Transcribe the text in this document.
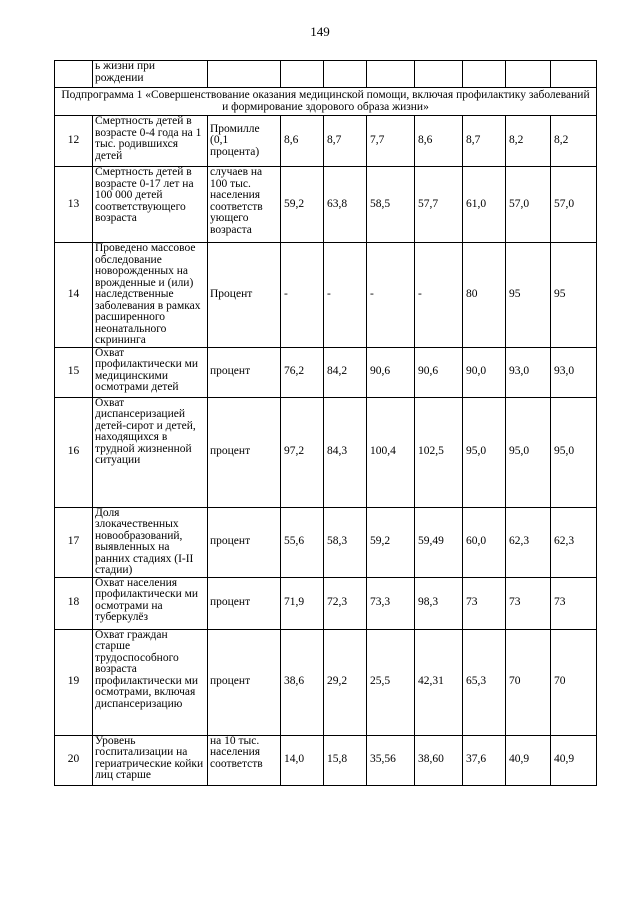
149
	ь жизни при рождении								
Подпрограмма 1 «Совершенствование оказания медицинской помощи, включая профилактику заболеваний и формирование здорового образа жизни»									
12	Смертность детей в возрасте 0-4 года на 1 тыс. родившихся детей	Промилле (0,1 процента)	8,6	8,7	7,7	8,6	8,7	8,2	8,2
13	Смертность детей в возрасте 0-17 лет на 100 000 детей соответствующего возраста	случаев на 100 тыс. населения соответств ующего возраста	59,2	63,8	58,5	57,7	61,0	57,0	57,0
14	Проведено массовое обследование новорожденных на врожденные и (или) наследственные заболевания в рамках расширенного неонатального скрининга	Процент	-	-	-	-	80	95	95
15	Охват профилактически ми медицинскими осмотрами детей	процент	76,2	84,2	90,6	90,6	90,0	93,0	93,0
16	Охват диспансеризацией детей-сирот и детей, находящихся в трудной жизненной ситуации	процент	97,2	84,3	100,4	102,5	95,0	95,0	95,0
17	Доля злокачественных новообразований, выявленных на ранних стадиях (I-II стадии)	процент	55,6	58,3	59,2	59,49	60,0	62,3	62,3
18	Охват населения профилактически ми осмотрами на туберкулёз	процент	71,9	72,3	73,3	98,3	73	73	73
19	Охват граждан старше трудоспособного возраста профилактически ми осмотрами, включая диспансеризацию	процент	38,6	29,2	25,5	42,31	65,3	70	70
20	Уровень госпитализации на гериатрические койки лиц старше	на 10 тыс. населения соответств	14,0	15,8	35,56	38,60	37,6	40,9	40,9
